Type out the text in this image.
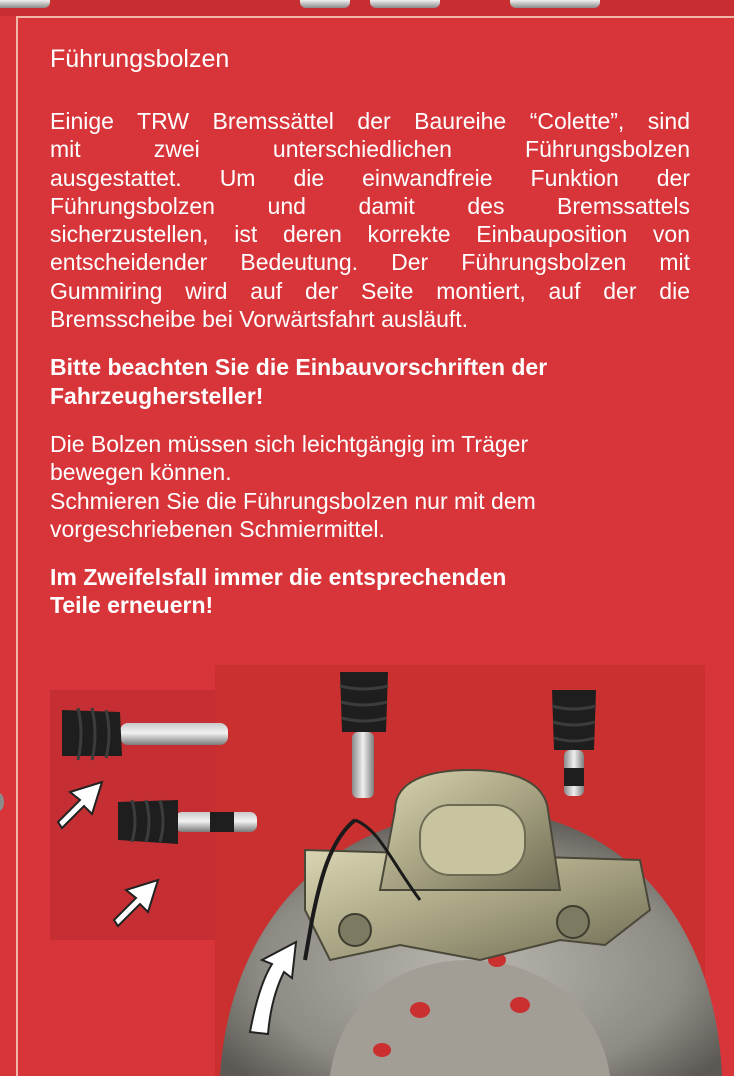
Führungsbolzen

Einige TRW Bremssättel der Baureihe “Colette”, sind
mit zwei unterschiedlichen Führungsbolzen
ausgestattet. Um die einwandfreie Funktion der
Führungsbolzen und damit des Bremssattels
sicherzustellen, ist deren korrekte Einbauposition von
entscheidender Bedeutung. Der Führungsbolzen mit
Gummiring wird auf der Seite montiert, auf der die
Bremsscheibe bei Vorwärtsfahrt ausläuft.

Bitte beachten Sie die Einbauvorschriften der
Fahrzeughersteller!

Die Bolzen müssen sich leichtgängig im Träger
bewegen können.
Schmieren Sie die Führungsbolzen nur mit dem
vorgeschriebenen Schmiermittel.

Im Zweifelsfall immer die entsprechenden
Teile erneuern!
